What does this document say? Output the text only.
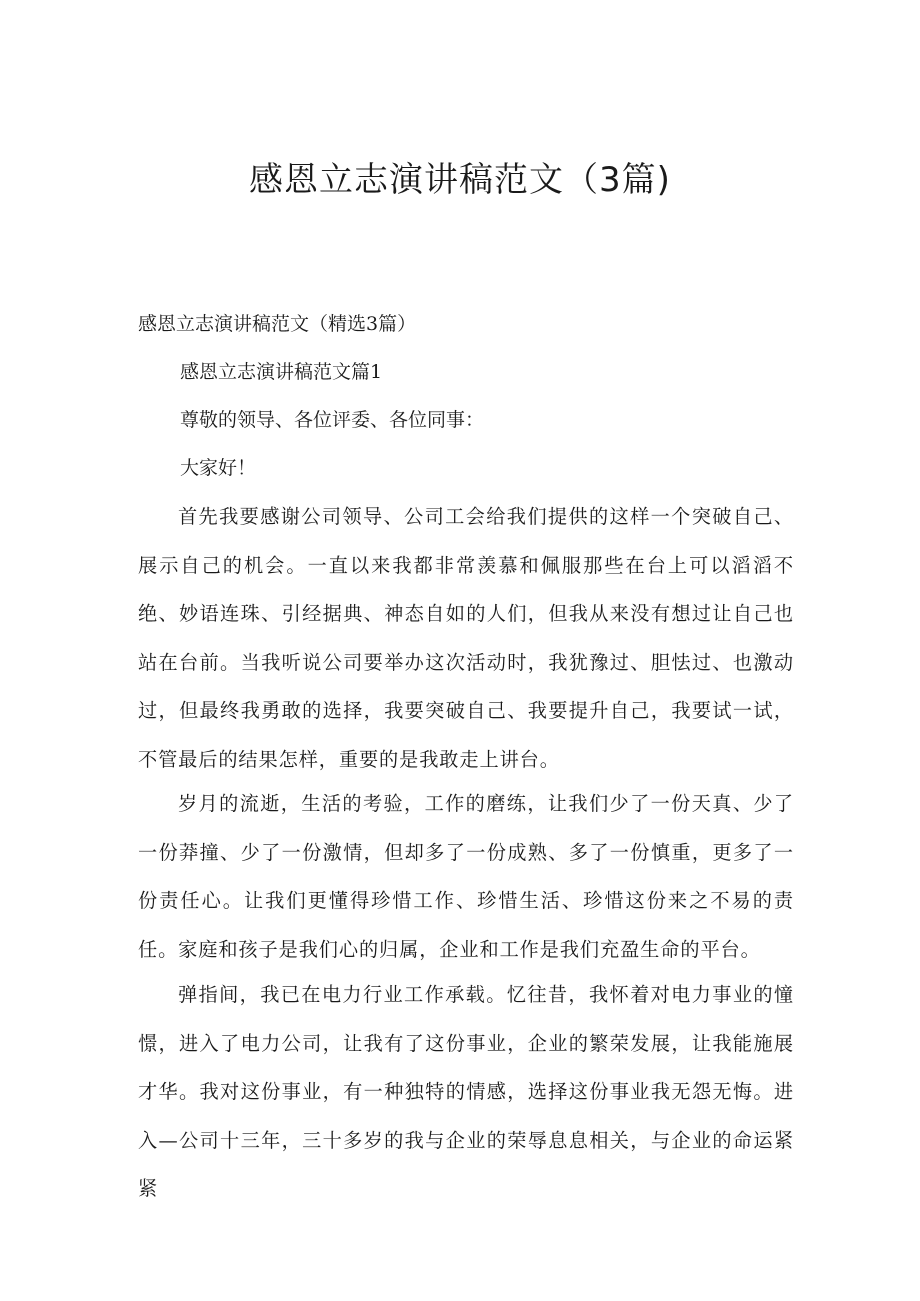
感恩立志演讲稿范文（3篇)

感恩立志演讲稿范文（精选3篇）

感恩立志演讲稿范文篇1

尊敬的领导、各位评委、各位同事：

大家好！

首先我要感谢公司领导、公司工会给我们提供的这样一个突破自己、展示自己的机会。一直以来我都非常羡慕和佩服那些在台上可以滔滔不绝、妙语连珠、引经据典、神态自如的人们，但我从来没有想过让自己也站在台前。当我听说公司要举办这次活动时，我犹豫过、胆怯过、也激动过，但最终我勇敢的选择，我要突破自己、我要提升自己，我要试一试，不管最后的结果怎样，重要的是我敢走上讲台。

岁月的流逝，生活的考验，工作的磨练，让我们少了一份天真、少了一份莽撞、少了一份激情，但却多了一份成熟、多了一份慎重，更多了一份责任心。让我们更懂得珍惜工作、珍惜生活、珍惜这份来之不易的责任。家庭和孩子是我们心的归属，企业和工作是我们充盈生命的平台。

弹指间，我已在电力行业工作承载。忆往昔，我怀着对电力事业的憧憬，进入了电力公司，让我有了这份事业，企业的繁荣发展，让我能施展才华。我对这份事业，有一种独特的情感，选择这份事业我无怨无悔。进入—公司十三年，三十多岁的我与企业的荣辱息息相关，与企业的命运紧紧
